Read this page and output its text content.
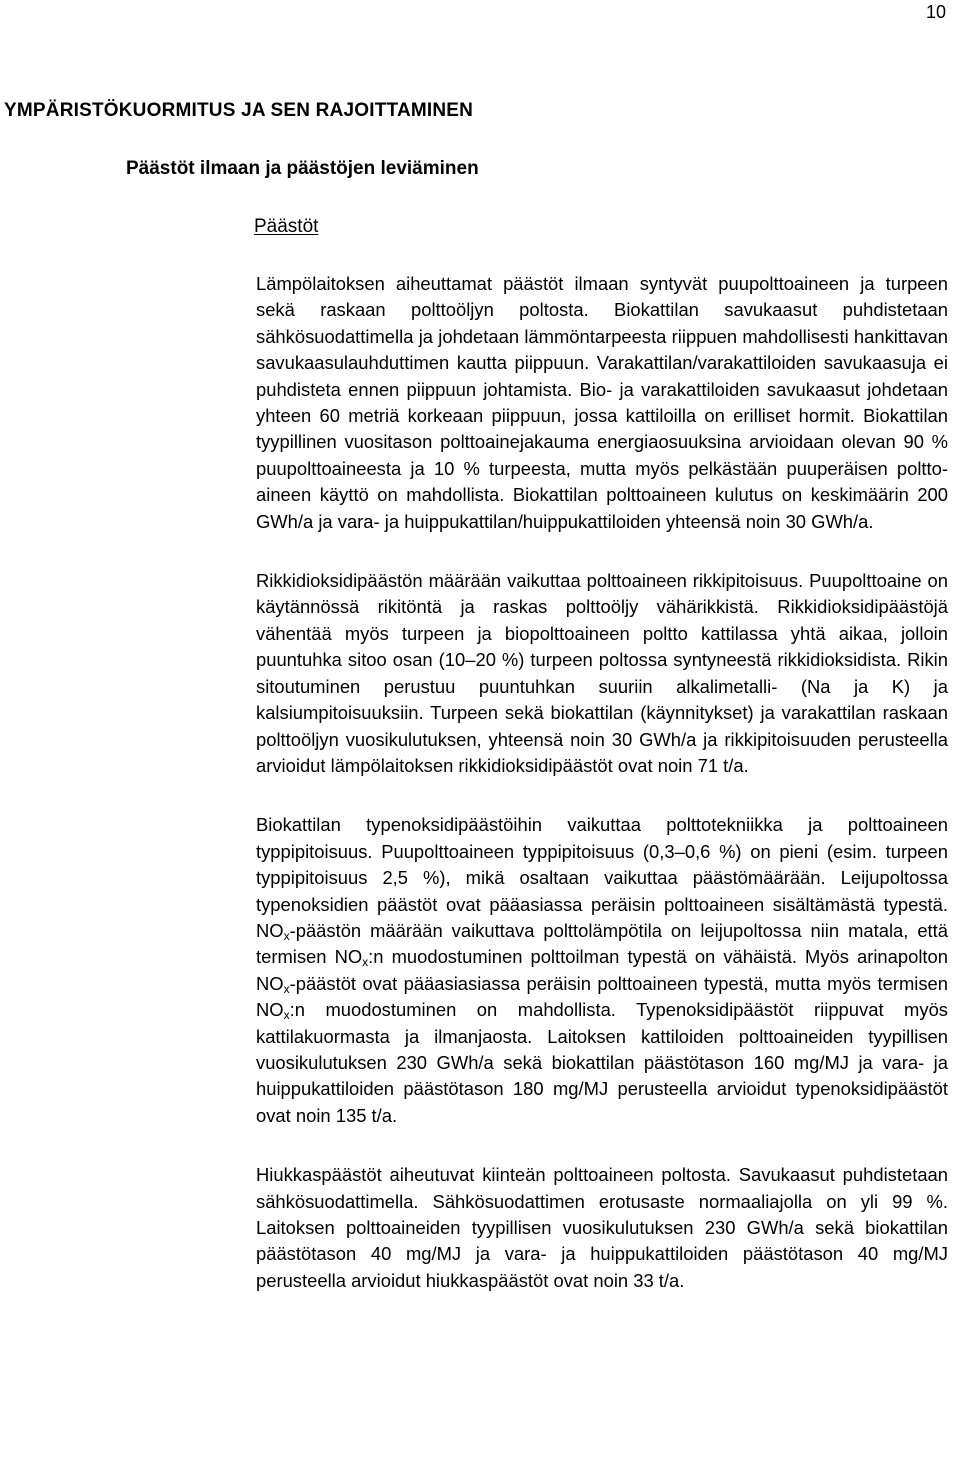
10
YMPÄRISTÖKUORMITUS JA SEN RAJOITTAMINEN
Päästöt ilmaan ja päästöjen leviäminen
Päästöt

Lämpölaitoksen aiheuttamat päästöt ilmaan syntyvät puupolttoaineen ja turpeen sekä raskaan polttoöljyn poltosta. Biokattilan savukaasut puhdistetaan sähkösuodattimella ja johdetaan lämmöntarpeesta riippuen mahdollisesti hankittavan savukaasulauhduttimen kautta piippuun. Varakattilan/varakattiloiden savukaasuja ei puhdisteta ennen piippuun johtamista. Bio- ja varakattiloiden savukaasut johdetaan yhteen 60 metriä korkeaan piippuun, jossa kattiloilla on erilliset hormit. Biokattilan tyypillinen vuositason polttoainejakauma energiaosuuksina arvioidaan olevan 90 % puupolttoaineesta ja 10 % turpeesta, mutta myös pelkästään puuperäisen polttoaineen käyttö on mahdollista. Biokattilan polttoaineen kulutus on keskimäärin 200 GWh/a ja vara- ja huippukattilan/huippukattiloiden yhteensä noin 30 GWh/a.

Rikkidioksidipäästön määrään vaikuttaa polttoaineen rikkipitoisuus. Puupolttoaine on käytännössä rikitöntä ja raskas polttoöljy vähärikkistä. Rikkidioksidipäästöjä vähentää myös turpeen ja biopolttoaineen poltto kattilassa yhtä aikaa, jolloin puuntuhka sitoo osan (10–20 %) turpeen poltossa syntyneestä rikkidioksidista. Rikin sitoutuminen perustuu puuntuhkan suuriin alkalimetalli- (Na ja K) ja kalsiumpitoisuuksiin. Turpeen sekä biokattilan (käynnitykset) ja varakattilan raskaan polttoöljyn vuosikulutuksen, yhteensä noin 30 GWh/a ja rikkipitoisuuden perusteella arvioidut lämpölaitoksen rikkidioksidipäästöt ovat noin 71 t/a.

Biokattilan typenoksidipäästöihin vaikuttaa polttotekniikka ja polttoaineen typpipitoisuus. Puupolttoaineen typpipitoisuus (0,3–0,6 %) on pieni (esim. turpeen typpipitoisuus 2,5 %), mikä osaltaan vaikuttaa päästömäärään. Leijupoltossa typenoksidien päästöt ovat pääasiassa peräisin polttoaineen sisältämästä typestä. $NO_x$-päästön määrään vaikuttava polttolämpötila on leijupoltossa niin matala, että termisen $NO_x:n$ muodostuminen polttoilman typestä on vähäistä. Myös arinapolton $NO_x$-päästöt ovat pääasiasiassa peräisin polttoaineen typestä, mutta myös termisen $NO_x:n$ muodostuminen on mahdollista. Typenoksidipäästöt riippuvat myös kattilakuormasta ja ilmanjaosta. Laitoksen kattiloiden polttoaineiden tyypillisen vuosikulutuksen 230 GWh/a sekä biokattilan päästötason 160 mg/MJ ja vara- ja huippukattiloiden päästötason 180 mg/MJ perusteella arvioidut typenoksidipäästöt ovat noin 135 t/a.

Hiukkaspäästöt aiheutuvat kiinteän polttoaineen poltosta. Savukaasut puhdistetaan sähkösuodattimella. Sähkösuodattimen erotusaste normaaliajolla on yli 99 %. Laitoksen polttoaineiden tyypillisen vuosikulutuksen 230 GWh/a sekä biokattilan päästötason 40 mg/MJ ja vara- ja huippukattiloiden päästötason 40 mg/MJ perusteella arvioidut hiukkaspäästöt ovat noin 33 t/a.
